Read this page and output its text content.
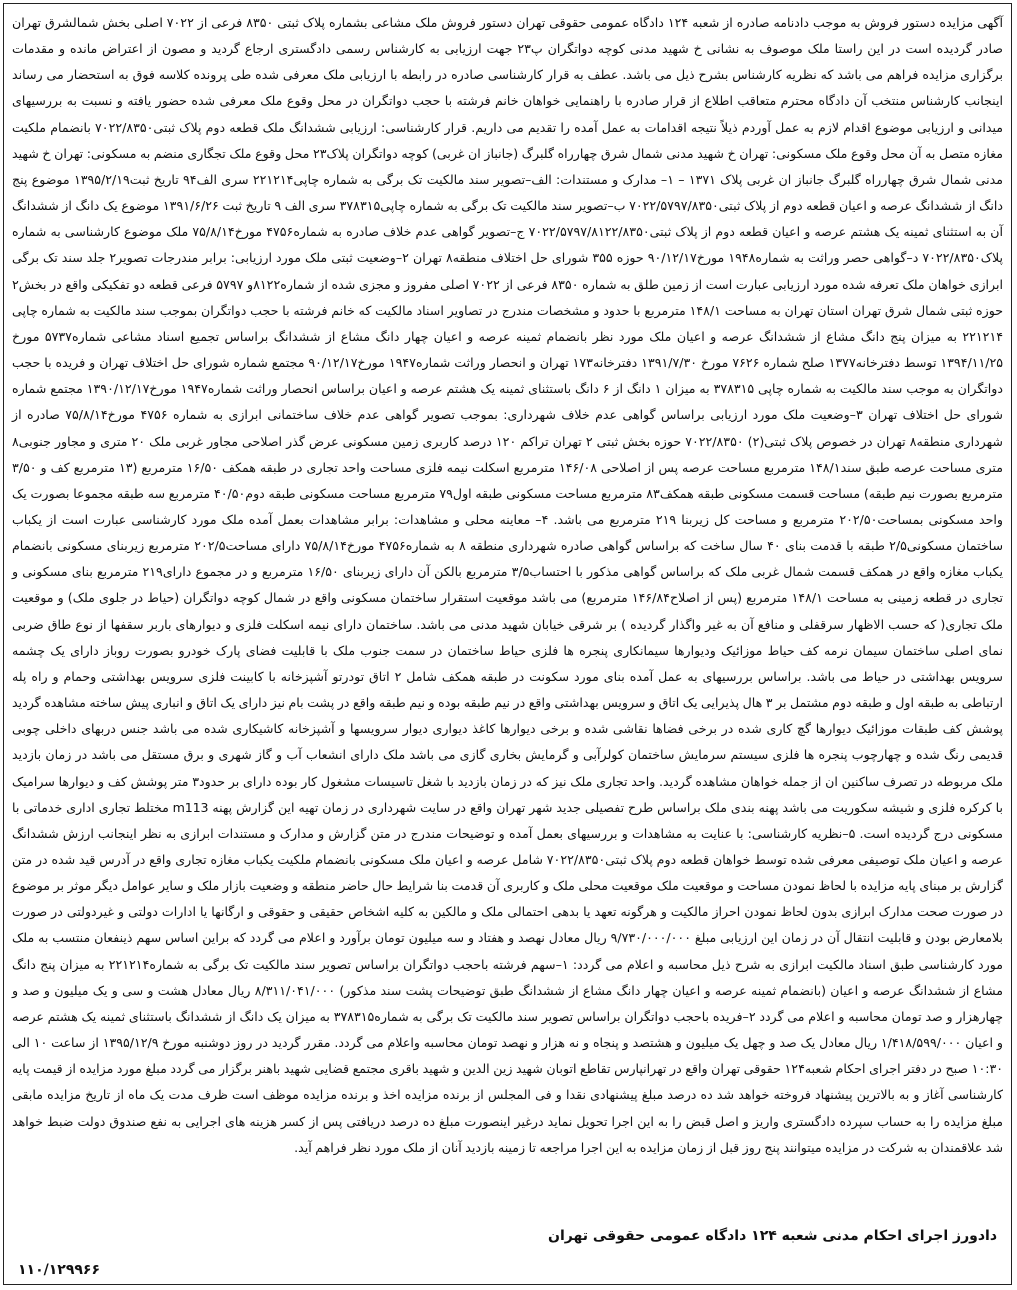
آگهی مزایده دستور فروش به موجب دادنامه صادره از شعبه ۱۲۴ دادگاه عمومی حقوقی تهران دستور فروش ملک مشاعی بشماره پلاک ثبتی ۸۳۵۰ فرعی از ۷۰۲۲ اصلی بخش شمالشرق تهران صادر گردیده است در این راستا ملک موصوف به نشانی خ شهید مدنی کوچه دواتگران پ۲۳ جهت ارزیابی به کارشناس رسمی دادگستری ارجاع گردید و مصون از اعتراض مانده و مقدمات برگزاری مزایده فراهم می باشد که نظریه کارشناس بشرح ذیل می باشد. عطف به قرار کارشناسی صادره در رابطه با ارزیابی ملک معرفی شده طی پرونده کلاسه فوق به استحضار می رساند اینجانب کارشناس منتخب آن دادگاه محترم متعاقب اطلاع از قرار صادره با راهنمایی خواهان خانم فرشته با حجب دواتگران در محل وقوع ملک معرفی شده حضور یافته و نسبت به بررسیهای میدانی و ارزیابی موضوع اقدام لازم به عمل آوردم ذیلاً نتیجه اقدامات به عمل آمده را تقدیم می داریم. قرار کارشناسی: ارزیابی ششدانگ ملک قطعه دوم پلاک ثبتی۷۰۲۲/۸۳۵۰ بانضمام ملکیت مغازه متصل به آن محل وقوع ملک مسکونی: تهران خ شهید مدنی شمال شرق چهارراه گلبرگ (جانباز ان غربی) کوچه دواتگران پلاک۲۳ محل وقوع ملک تجگاری منضم به مسکونی: تهران خ شهید مدنی شمال شرق چهارراه گلبرگ جانباز ان غربی پلاک ۱۳۷۱ – ۱– مدارک و مستندات: الف–تصویر سند مالکیت تک برگی به شماره چاپی۲۲۱۲۱۴ سری الف۹۴ تاریخ ثبت۱۳۹۵/۲/۱۹ موضوع پنج دانگ از ششدانگ عرصه و اعیان قطعه دوم از پلاک ثبتی۷۰۲۲/۵۷۹۷/۸۳۵۰ ب–تصویر سند مالکیت تک برگی به شماره چاپی۳۷۸۳۱۵ سری الف ۹ تاریخ ثبت ۱۳۹۱/۶/۲۶ موضوع یک دانگ از ششدانگ آن به استثنای ثمینه یک هشتم عرصه و اعیان قطعه دوم از پلاک ثبتی۷۰۲۲/۵۷۹۷/۸۱۲۲/۸۳۵۰ ج–تصویر گواهی عدم خلاف صادره به شماره۴۷۵۶ مورخ۷۵/۸/۱۴ ملک موضوع کارشناسی به شماره پلاک۷۰۲۲/۸۳۵۰ د–گواهی حصر وراثت به شماره۱۹۴۸ مورخ۹۰/۱۲/۱۷ حوزه ۳۵۵ شورای حل اختلاف منطقه۸ تهران ۲–وضعیت ثبتی ملک مورد ارزیابی: برابر مندرجات تصویر۲ جلد سند تک برگی ابرازی خواهان ملک تعرفه شده مورد ارزیابی عبارت است از زمین طلق به شماره ۸۳۵۰ فرعی از ۷۰۲۲ اصلی مفروز و مجزی شده از شماره۸۱۲۲و ۵۷۹۷ فرعی قطعه دو تفکیکی واقع در بخش۲ حوزه ثبتی شمال شرق تهران استان تهران به مساحت ۱۴۸/۱ مترمربع با حدود و مشخصات مندرج در تصاویر اسناد مالکیت که خانم فرشته با حجب دواتگران بموجب سند مالکیت به شماره چاپی ۲۲۱۲۱۴ به میزان پنج دانگ مشاع از ششدانگ عرصه و اعیان ملک مورد نظر بانضمام ثمینه عرصه و اعیان چهار دانگ مشاع از ششدانگ براساس تجمیع اسناد مشاعی شماره۵۷۳۷ مورخ ۱۳۹۴/۱۱/۲۵ توسط دفترخانه۱۳۷۷ صلح شماره ۷۶۲۶ مورخ ۱۳۹۱/۷/۳۰ دفترخانه۱۷۳ تهران و انحصار وراثت شماره۱۹۴۷ مورخ۹۰/۱۲/۱۷ مجتمع شماره شورای حل اختلاف تهران و فریده با حجب دواتگران به موجب سند مالکیت به شماره چاپی ۳۷۸۳۱۵ به میزان ۱ دانگ از ۶ دانگ باستثنای ثمینه یک هشتم عرصه و اعیان براساس انحصار وراثت شماره۱۹۴۷ مورخ۱۳۹۰/۱۲/۱۷ مجتمع شماره شورای حل اختلاف تهران ۳–وضعیت ملک مورد ارزیابی براساس گواهی عدم خلاف شهرداری: بموجب تصویر گواهی عدم خلاف ساختمانی ابرازی به شماره ۴۷۵۶ مورخ۷۵/۸/۱۴ صادره از شهرداری منطقه۸ تهران در خصوص پلاک ثبتی(۲) ۷۰۲۲/۸۳۵۰ حوزه بخش ثبتی ۲ تهران تراکم ۱۲۰ درصد کاربری زمین مسکونی عرض گذر اصلاحی مجاور غربی ملک ۲۰ متری و مجاور جنوبی۸ متری مساحت عرصه طبق سند۱۴۸/۱ مترمربع مساحت عرصه پس از اصلاحی ۱۴۶/۰۸ مترمربع اسکلت نیمه فلزی مساحت واحد تجاری در طبقه همکف ۱۶/۵۰ مترمربع (۱۳ مترمربع کف و ۳/۵۰ مترمربع بصورت نیم طبقه) مساحت قسمت مسکونی طبقه همکف۸۳ مترمربع مساحت مسکونی طبقه اول۷۹ مترمربع مساحت مسکونی طبقه دوم۴۰/۵۰ مترمربع سه طبقه مجموعا بصورت یک واحد مسکونی بمساحت۲۰۲/۵۰ مترمربع و مساحت کل زیربنا ۲۱۹ مترمربع می باشد. ۴– معاینه محلی و مشاهدات: برابر مشاهدات بعمل آمده ملک مورد کارشناسی عبارت است از یکباب ساختمان مسکونی۲/۵ طبقه با قدمت بنای ۴۰ سال ساخت که براساس گواهی صادره شهرداری منطقه ۸ به شماره۴۷۵۶ مورخ۷۵/۸/۱۴ دارای مساحت۲۰۲/۵ مترمربع زیربنای مسکونی بانضمام یکباب مغازه واقع در همکف قسمت شمال غربی ملک که براساس گواهی مذکور با احتساب۳/۵ مترمربع بالکن آن دارای زیربنای ۱۶/۵۰ مترمربع و در مجموع دارای۲۱۹ مترمربع بنای مسکونی و تجاری در قطعه زمینی به مساحت ۱۴۸/۱ مترمربع (پس از اصلاح۱۴۶/۸۴ مترمربع) می باشد موقعیت استقرار ساختمان مسکونی واقع در شمال کوچه دواتگران (حیاط در جلوی ملک) و موقعیت ملک تجاری( که حسب الاظهار سرقفلی و منافع آن به غیر واگذار گردیده ) بر شرقی خیابان شهید مدنی می باشد. ساختمان دارای نیمه اسکلت فلزی و دیوارهای باربر سقفها از نوع طاق ضربی نمای اصلی ساختمان سیمان نرمه کف حیاط موزائیک ودیوارها سیمانکاری پنجره ها فلزی حیاط ساختمان در سمت جنوب ملک با قابلیت فضای پارک خودرو بصورت روباز دارای یک چشمه سرویس بهداشتی در حیاط می باشد. براساس بررسیهای به عمل آمده بنای مورد سکونت در طبقه همکف شامل ۲ اتاق تودرتو آشپزخانه با کابینت فلزی سرویس بهداشتی وحمام و راه پله ارتباطی به طبقه اول و طبقه دوم مشتمل بر ۳ هال پذیرایی یک اتاق و سرویس بهداشتی واقع در نیم طبقه بوده و نیم طبقه واقع در پشت بام نیز دارای یک اتاق و انباری پیش ساخته مشاهده گردید پوشش کف طبقات موزائیک دیوارها گچ کاری شده در برخی فضاها نقاشی شده و برخی دیوارها کاغذ دیواری دیوار سرویسها و آشپزخانه کاشیکاری شده می باشد جنس دربهای داخلی چوبی قدیمی رنگ شده و چهارچوب پنجره ها فلزی سیستم سرمایش ساختمان کولرآبی و گرمایش بخاری گازی می باشد ملک دارای انشعاب آب و گاز شهری و برق مستقل می باشد در زمان بازدید ملک مربوطه در تصرف ساکنین ان از جمله خواهان مشاهده گردید. واحد تجاری ملک نیز که در زمان بازدید با شغل تاسیسات مشغول کار بوده دارای بر حدود۳ متر پوشش کف و دیوارها سرامیک با کرکره فلزی و شیشه سکوریت می باشد پهنه بندی ملک براساس طرح تفصیلی جدید شهر تهران واقع در سایت شهرداری در زمان تهیه این گزارش پهنه m113 مختلط تجاری اداری خدماتی با مسکونی درج گردیده است. ۵–نظریه کارشناسی: با عنایت به مشاهدات و بررسیهای بعمل آمده و توضیحات مندرج در متن گزارش و مدارک و مستندات ابرازی به نظر اینجانب ارزش ششدانگ عرصه و اعیان ملک توصیفی معرفی شده توسط خواهان قطعه دوم پلاک ثبتی۷۰۲۲/۸۳۵۰ شامل عرصه و اعیان ملک مسکونی بانضمام ملکیت یکباب مغازه تجاری واقع در آدرس قید شده در متن گزارش بر مبنای پایه مزایده با لحاظ نمودن مساحت و موقعیت ملک موقعیت محلی ملک و کاربری آن قدمت بنا شرایط حال حاضر منطقه و وضعیت بازار ملک و سایر عوامل دیگر موثر بر موضوع در صورت صحت مدارک ابرازی بدون لحاظ نمودن احراز مالکیت و هرگونه تعهد یا بدهی احتمالی ملک و مالکین به کلیه اشخاص حقیقی و حقوقی و ارگانها یا ادارات دولتی و غیردولتی در صورت بلامعارض بودن و قابلیت انتقال آن در زمان این ارزیابی مبلغ ۹/۷۳۰/۰۰۰/۰۰۰ ریال معادل نهصد و هفتاد و سه میلیون تومان برآورد و اعلام می گردد که براین اساس سهم ذینفعان منتسب به ملک مورد کارشناسی طبق اسناد مالکیت ابرازی به شرح ذیل محاسبه و اعلام می گردد: ۱–سهم فرشته باحجب دواتگران براساس تصویر سند مالکیت تک برگی به شماره۲۲۱۲۱۴ به میزان پنج دانگ مشاع از ششدانگ عرصه و اعیان (بانضمام ثمینه عرصه و اعیان چهار دانگ مشاع از ششدانگ طبق توضیحات پشت سند مذکور) ۸/۳۱۱/۰۴۱/۰۰۰ ریال معادل هشت و سی و یک میلیون و صد و چهارهزار و صد تومان محاسبه و اعلام می گردد ۲–فریده باحجب دواتگران براساس تصویر سند مالکیت تک برگی به شماره۳۷۸۳۱۵ به میزان یک دانگ از ششدانگ باستثنای ثمینه یک هشتم عرصه و اعیان ۱/۴۱۸/۵۹۹/۰۰۰ ریال معادل یک صد و چهل یک میلیون و هشتصد و پنجاه و نه هزار و نهصد تومان محاسبه واعلام می گردد. مقرر گردید در روز دوشنبه مورخ ۱۳۹۵/۱۲/۹ از ساعت ۱۰ الی ۱۰:۳۰ صبح در دفتر اجرای احکام شعبه۱۲۴ حقوقی تهران واقع در تهرانپارس تقاطع اتوبان شهید زین الدین و شهید باقری مجتمع قضایی شهید باهنر برگزار می گردد مبلغ مورد مزایده از قیمت پایه کارشناسی آغاز و به بالاترین پیشنهاد فروخته خواهد شد ده درصد مبلغ پیشنهادی نقدا و فی المجلس از برنده مزایده اخذ و برنده مزایده موظف است ظرف مدت یک ماه از تاریخ مزایده مابقی مبلغ مزایده را به حساب سپرده دادگستری واریز و اصل قبض را به این اجرا تحویل نماید درغیر اینصورت مبلغ ده درصد دریافتی پس از کسر هزینه های اجرایی به نفع صندوق دولت ضبط خواهد شد علاقمندان به شرکت در مزایده میتوانند پنج روز قبل از زمان مزایده به این اجرا مراجعه تا زمینه بازدید آنان از ملک مورد نظر فراهم آید.

دادورز اجرای احکام مدنی شعبه ۱۲۴ دادگاه عمومی حقوقی تهران
۱۱۰/۱۲۹۹۶۶
